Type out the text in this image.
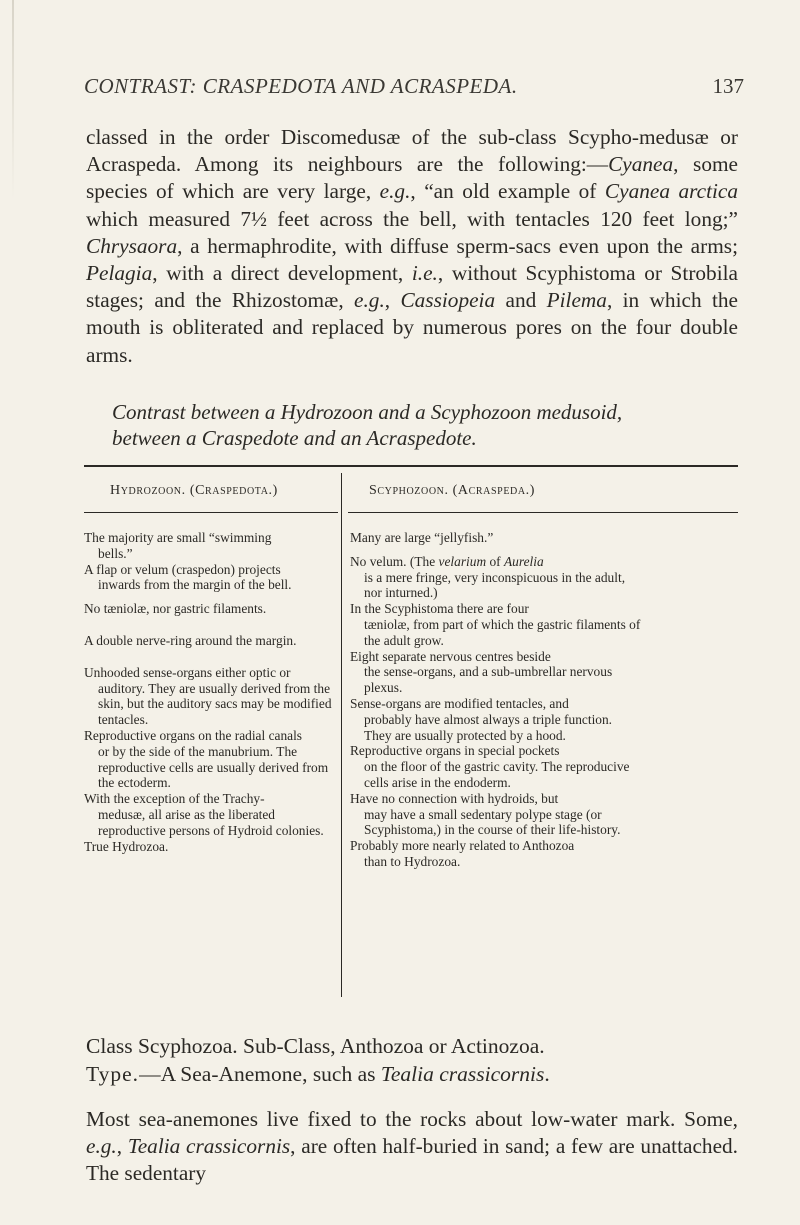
CONTRAST: CRASPEDOTA AND ACRASPEDA.	137

classed in the order Discomedusæ of the sub-class Scypho-medusæ or Acraspeda. Among its neighbours are the following:—Cyanea, some species of which are very large, e.g., “an old example of Cyanea arctica which measured 7½ feet across the bell, with tentacles 120 feet long;” Chrysaora, a hermaphrodite, with diffuse sperm-sacs even upon the arms; Pelagia, with a direct development, i.e., without Scyphistoma or Strobila stages; and the Rhizostomæ, e.g., Cassiopeia and Pilema, in which the mouth is obliterated and replaced by numerous pores on the four double arms.

Contrast between a Hydrozoon and a Scyphozoon medusoid,
between a Craspedote and an Acraspedote.
Hydrozoon. (Craspedota.)	Scyphozoon. (Acraspeda.)

The majority are small “swimming
bells.”

A flap or velum (craspedon) projects
inwards from the margin of the bell.

No tæniolæ, nor gastric filaments.

A double nerve-ring around the margin.

Unhooded sense-organs either optic or
auditory. They are usually derived from the skin, but the auditory sacs may be modified tentacles.

Reproductive organs on the radial canals
or by the side of the manubrium. The reproductive cells are usually derived from the ectoderm.

With the exception of the Trachy-
medusæ, all arise as the liberated reproductive persons of Hydroid colonies.

True Hydrozoa.

Many are large “jellyfish.”

No velum. (The velarium of Aurelia
is a mere fringe, very inconspicuous in the adult, nor inturned.)

In the Scyphistoma there are four
tæniolæ, from part of which the gastric filaments of the adult grow.

Eight separate nervous centres beside
the sense-organs, and a sub-umbrellar nervous plexus.

Sense-organs are modified tentacles, and
probably have almost always a triple function. They are usually protected by a hood.

Reproductive organs in special pockets
on the floor of the gastric cavity. The reproducive cells arise in the endoderm.

Have no connection with hydroids, but
may have a small sedentary polype stage (or Scyphistoma,) in the course of their life-history.

Probably more nearly related to Anthozoa
than to Hydrozoa.

Class Scyphozoa. Sub-Class, Anthozoa or Actinozoa.
Type.—A Sea-Anemone, such as Tealia crassicornis.

Most sea-anemones live fixed to the rocks about low-water mark. Some, e.g., Tealia crassicornis, are often half-buried in sand; a few are unattached. The sedentary
